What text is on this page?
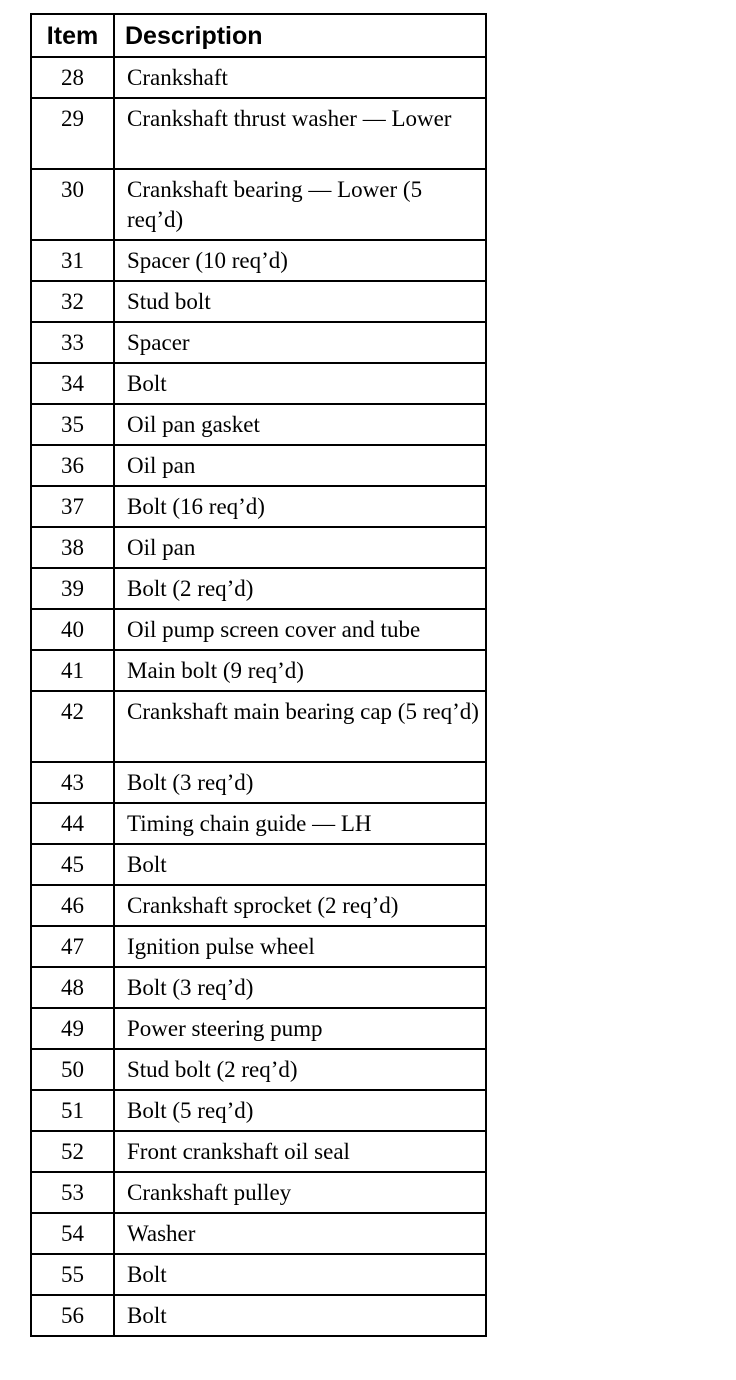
Item	Description
28	Crankshaft
29	Crankshaft thrust washer — Lower
30	Crankshaft bearing — Lower (5 req’d)
31	Spacer (10 req’d)
32	Stud bolt
33	Spacer
34	Bolt
35	Oil pan gasket
36	Oil pan
37	Bolt (16 req’d)
38	Oil pan
39	Bolt (2 req’d)
40	Oil pump screen cover and tube
41	Main bolt (9 req’d)
42	Crankshaft main bearing cap (5 req’d)
43	Bolt (3 req’d)
44	Timing chain guide — LH
45	Bolt
46	Crankshaft sprocket (2 req’d)
47	Ignition pulse wheel
48	Bolt (3 req’d)
49	Power steering pump
50	Stud bolt (2 req’d)
51	Bolt (5 req’d)
52	Front crankshaft oil seal
53	Crankshaft pulley
54	Washer
55	Bolt
56	Bolt
